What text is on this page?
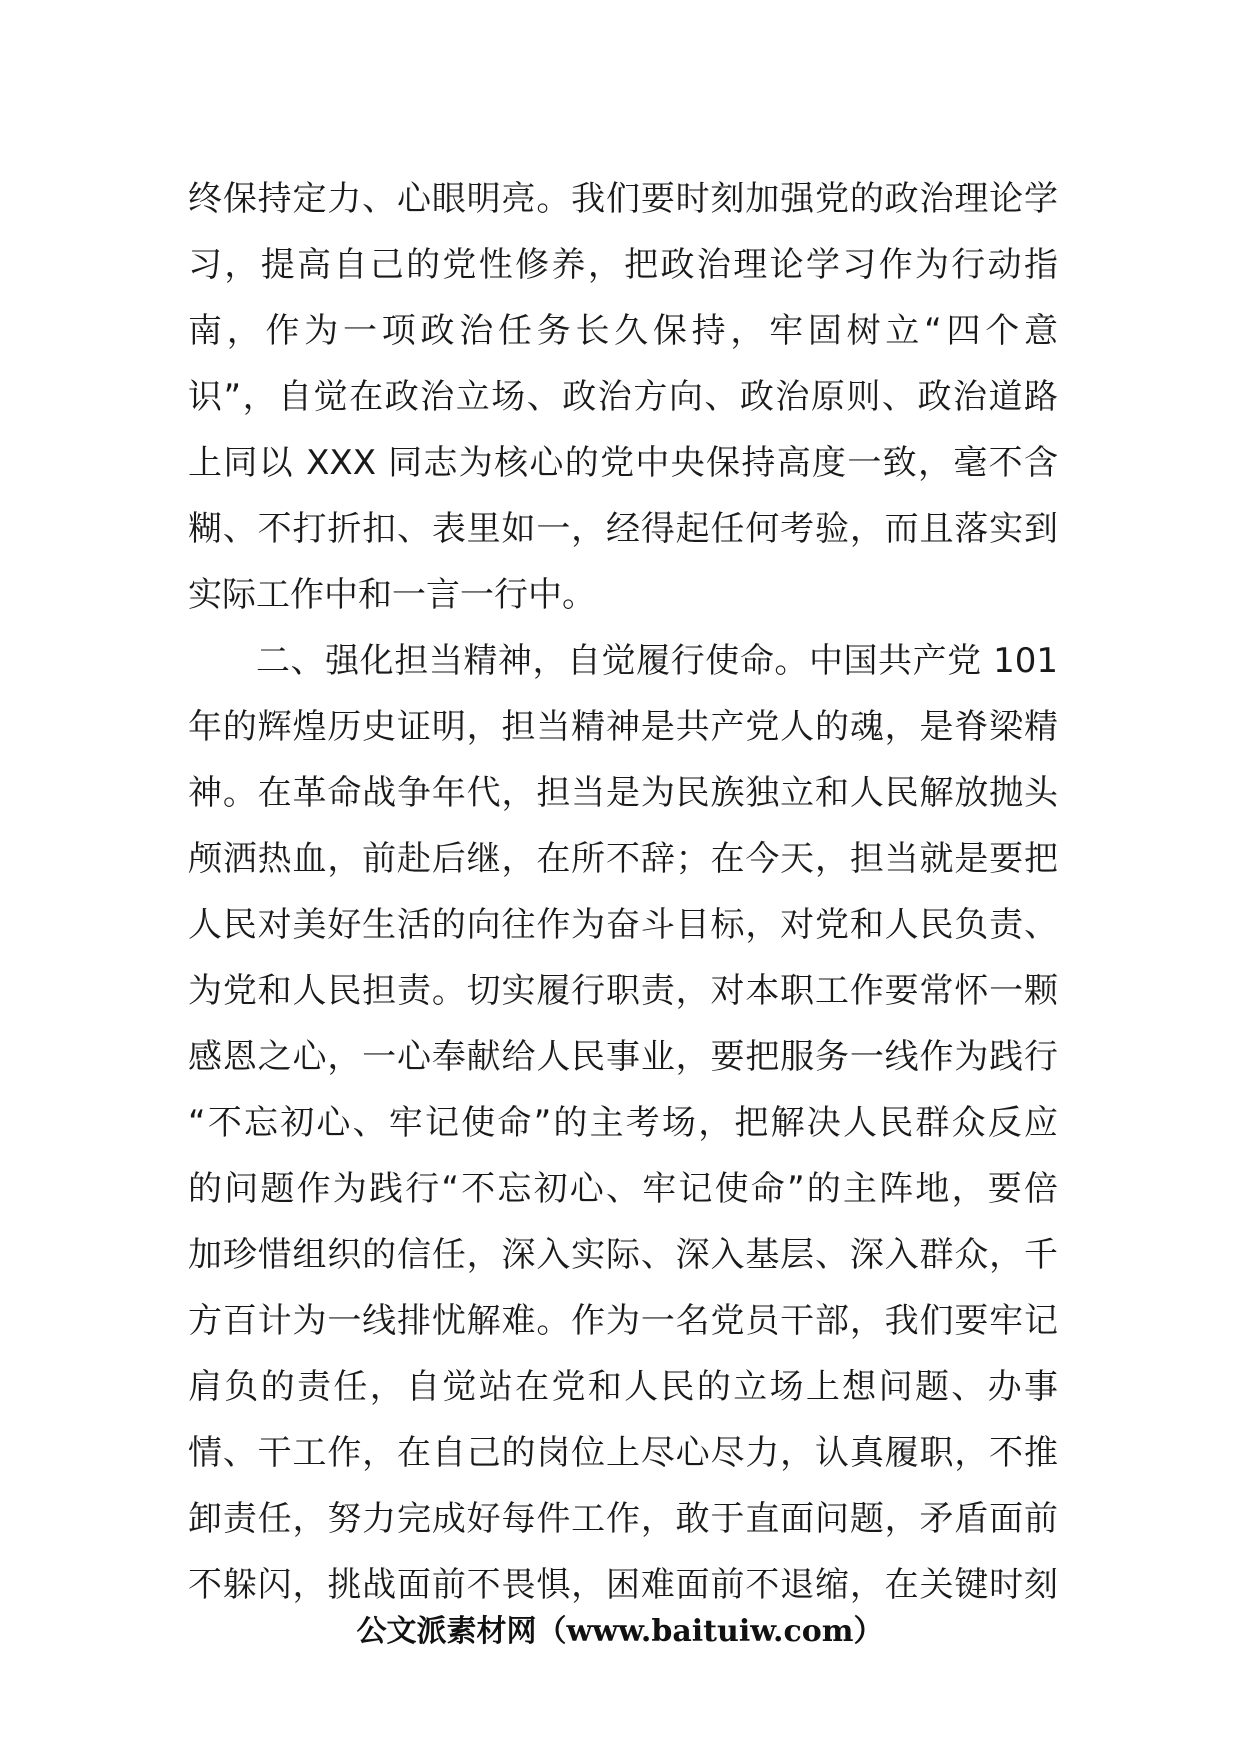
终保持定力、心眼明亮。我们要时刻加强党的政治理论学
习，提高自己的党性修养，把政治理论学习作为行动指
南，作为一项政治任务长久保持，牢固树立“四个意
识”，自觉在政治立场、政治方向、政治原则、政治道路
上同以 XXX 同志为核心的党中央保持高度一致，毫不含
糊、不打折扣、表里如一，经得起任何考验，而且落实到
实际工作中和一言一行中。
二、强化担当精神，自觉履行使命。中国共产党 101
年的辉煌历史证明，担当精神是共产党人的魂，是脊梁精
神。在革命战争年代，担当是为民族独立和人民解放抛头
颅洒热血，前赴后继，在所不辞；在今天，担当就是要把
人民对美好生活的向往作为奋斗目标，对党和人民负责、
为党和人民担责。切实履行职责，对本职工作要常怀一颗
感恩之心，一心奉献给人民事业，要把服务一线作为践行
“不忘初心、牢记使命”的主考场，把解决人民群众反应
的问题作为践行“不忘初心、牢记使命”的主阵地，要倍
加珍惜组织的信任，深入实际、深入基层、深入群众，千
方百计为一线排忧解难。作为一名党员干部，我们要牢记
肩负的责任，自觉站在党和人民的立场上想问题、办事
情、干工作，在自己的岗位上尽心尽力，认真履职，不推
卸责任，努力完成好每件工作，敢于直面问题，矛盾面前
不躲闪，挑战面前不畏惧，困难面前不退缩，在关键时刻
公文派素材网（www.baituiw.com）
